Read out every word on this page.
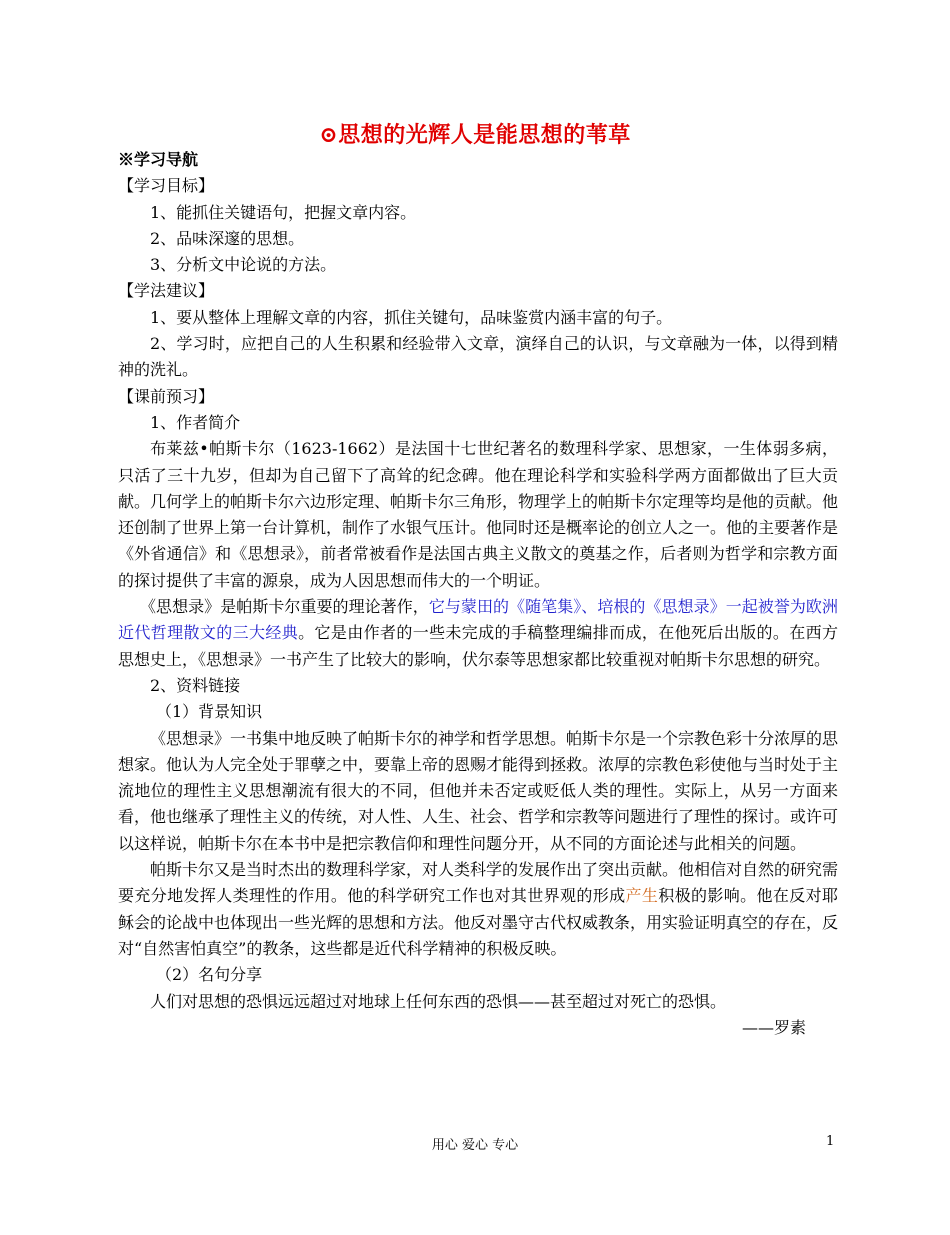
⊙思想的光辉人是能思想的苇草

※学习导航

【学习目标】

1、能抓住关键语句，把握文章内容。

2、品味深邃的思想。

3、分析文中论说的方法。

【学法建议】

1、要从整体上理解文章的内容，抓住关键句，品味鉴赏内涵丰富的句子。

2、学习时，应把自己的人生积累和经验带入文章，演绎自己的认识，与文章融为一体，以得到精神的洗礼。

【课前预习】

1、作者简介

布莱兹•帕斯卡尔（1623-1662）是法国十七世纪著名的数理科学家、思想家，一生体弱多病，只活了三十九岁，但却为自己留下了高耸的纪念碑。他在理论科学和实验科学两方面都做出了巨大贡献。几何学上的帕斯卡尔六边形定理、帕斯卡尔三角形，物理学上的帕斯卡尔定理等均是他的贡献。他还创制了世界上第一台计算机，制作了水银气压计。他同时还是概率论的创立人之一。他的主要著作是《外省通信》和《思想录》，前者常被看作是法国古典主义散文的奠基之作，后者则为哲学和宗教方面的探讨提供了丰富的源泉，成为人因思想而伟大的一个明证。

《思想录》是帕斯卡尔重要的理论著作，它与蒙田的《随笔集》、培根的《思想录》一起被誉为欧洲近代哲理散文的三大经典。它是由作者的一些未完成的手稿整理编排而成，在他死后出版的。在西方思想史上，《思想录》一书产生了比较大的影响，伏尔泰等思想家都比较重视对帕斯卡尔思想的研究。

2、资料链接

（1）背景知识

《思想录》一书集中地反映了帕斯卡尔的神学和哲学思想。帕斯卡尔是一个宗教色彩十分浓厚的思想家。他认为人完全处于罪孽之中，要靠上帝的恩赐才能得到拯救。浓厚的宗教色彩使他与当时处于主流地位的理性主义思想潮流有很大的不同，但他并未否定或贬低人类的理性。实际上，从另一方面来看，他也继承了理性主义的传统，对人性、人生、社会、哲学和宗教等问题进行了理性的探讨。或许可以这样说，帕斯卡尔在本书中是把宗教信仰和理性问题分开，从不同的方面论述与此相关的问题。

帕斯卡尔又是当时杰出的数理科学家，对人类科学的发展作出了突出贡献。他相信对自然的研究需要充分地发挥人类理性的作用。他的科学研究工作也对其世界观的形成产生积极的影响。他在反对耶稣会的论战中也体现出一些光辉的思想和方法。他反对墨守古代权威教条，用实验证明真空的存在，反对“自然害怕真空”的教条，这些都是近代科学精神的积极反映。

（2）名句分享

人们对思想的恐惧远远超过对地球上任何东西的恐惧——甚至超过对死亡的恐惧。

——罗素

用心 爱心 专心	1
